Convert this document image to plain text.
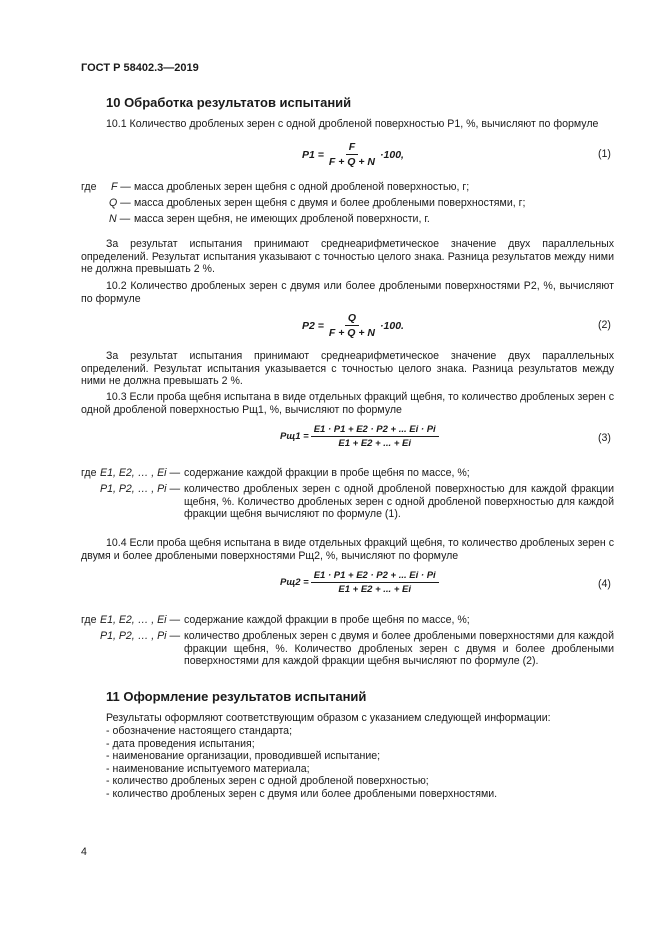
ГОСТ Р 58402.3—2019
10 Обработка результатов испытаний
10.1 Количество дробленых зерен с одной дробленой поверхностью P1, %, вычисляют по формуле
$P1 = \frac{F}{F + Q + N} \cdot 100$,	(1)
где F — масса дробленых зерен щебня с одной дробленой поверхностью, г;
Q — масса дробленых зерен щебня с двумя и более дроблеными поверхностями, г;
N — масса зерен щебня, не имеющих дробленой поверхности, г.
За результат испытания принимают среднеарифметическое значение двух параллельных определений. Результат испытания указывают с точностью целого знака. Разница результатов между ними не должна превышать 2 %.
10.2 Количество дробленых зерен с двумя или более дроблеными поверхностями P2, %, вычисляют по формуле
$P2 = \frac{Q}{F + Q + N} \cdot 100$.	(2)
За результат испытания принимают среднеарифметическое значение двух параллельных определений. Результат испытания указывается с точностью целого знака. Разница результатов между ними не должна превышать 2 %.
10.3 Если проба щебня испытана в виде отдельных фракций щебня, то количество дробленых зерен с одной дробленой поверхностью Pщ1, %, вычисляют по формуле
$Pщ1 = \frac{E1 \cdot P1 + E2 \cdot P2 + ... Ei \cdot Pi}{E1 + E2 + ... + Ei}$	(3)
где E1, E2, … , Ei — содержание каждой фракции в пробе щебня по массе, %;
P1, P2, … , Pi — количество дробленых зерен с одной дробленой поверхностью для каждой фракции щебня, %. Количество дробленых зерен с одной дробленой поверхностью для каждой фракции щебня вычисляют по формуле (1).
10.4 Если проба щебня испытана в виде отдельных фракций щебня, то количество дробленых зерен с двумя и более дроблеными поверхностями Pщ2, %, вычисляют по формуле
$Pщ2 = \frac{E1 \cdot P1 + E2 \cdot P2 + ... Ei \cdot Pi}{E1 + E2 + ... + Ei}$	(4)
где E1, E2, … , Ei — содержание каждой фракции в пробе щебня по массе, %;
P1, P2, … , Pi — количество дробленых зерен с двумя и более дроблеными поверхностями для каждой фракции щебня, %. Количество дробленых зерен с двумя и более дроблеными поверхностями для каждой фракции щебня вычисляют по формуле (2).
11 Оформление результатов испытаний
Результаты оформляют соответствующим образом с указанием следующей информации:
- обозначение настоящего стандарта;
- дата проведения испытания;
- наименование организации, проводившей испытание;
- наименование испытуемого материала;
- количество дробленых зерен с одной дробленой поверхностью;
- количество дробленых зерен с двумя или более дроблеными поверхностями.
4
